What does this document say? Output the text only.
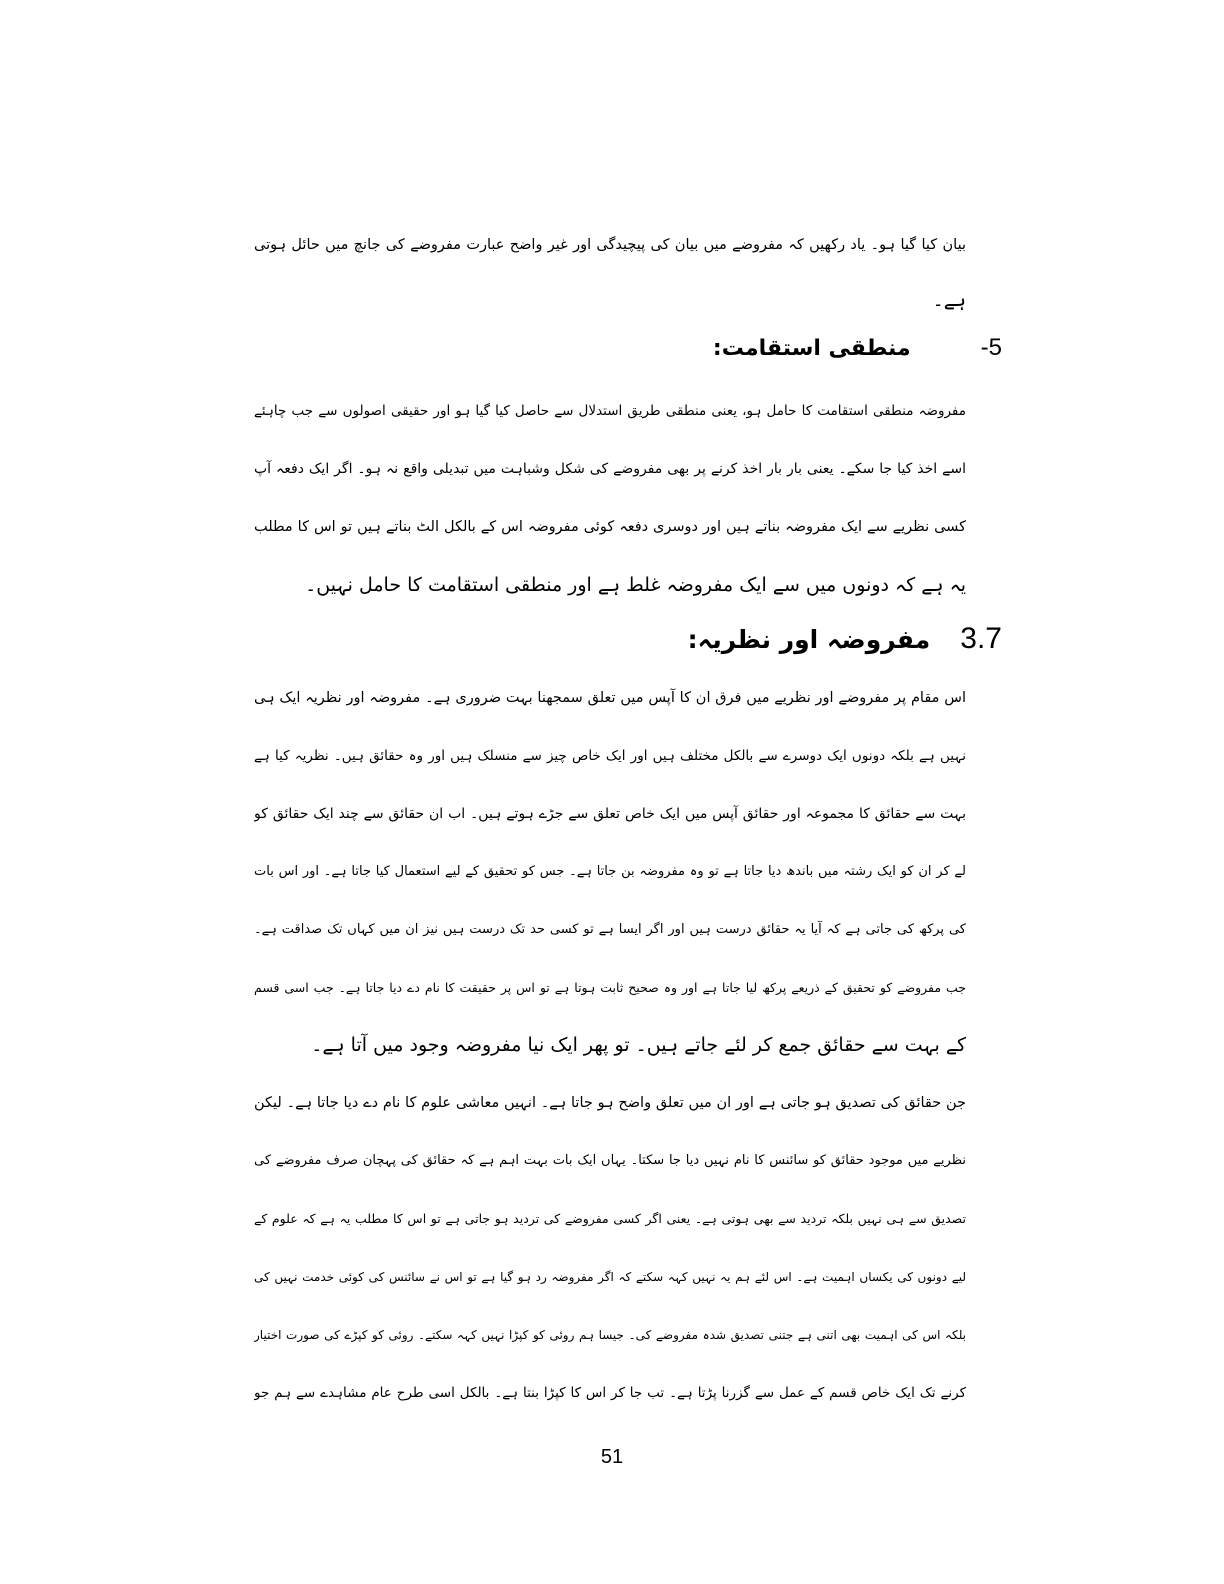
بیان کیا گیا ہو۔ یاد رکھیں کہ مفروضے میں بیان کی پیچیدگی اور غیر واضح عبارت مفروضے کی جانچ میں حائل ہوتی
ہے۔
-5
منطقی استقامت:
مفروضہ منطقی استقامت کا حامل ہو، یعنی منطقی طریق استدلال سے حاصل کیا گیا ہو اور حقیقی اصولوں سے جب چاہئے
اسے اخذ کیا جا سکے۔ یعنی بار بار اخذ کرنے پر بھی مفروضے کی شکل وشباہت میں تبدیلی واقع نہ ہو۔ اگر ایک دفعہ آپ
کسی نظریے سے ایک مفروضہ بناتے ہیں اور دوسری دفعہ کوئی مفروضہ اس کے بالکل الٹ بناتے ہیں تو اس کا مطلب
یہ ہے کہ دونوں میں سے ایک مفروضہ غلط ہے اور منطقی استقامت کا حامل نہیں۔
3.7
مفروضہ اور نظریہ:
اس مقام پر مفروضے اور نظریے میں فرق ان کا آپس میں تعلق سمجھنا بہت ضروری ہے۔ مفروضہ اور نظریہ ایک ہی
نہیں ہے بلکہ دونوں ایک دوسرے سے بالکل مختلف ہیں اور ایک خاص چیز سے منسلک ہیں اور وہ حقائق ہیں۔ نظریہ کیا ہے
بہت سے حقائق کا مجموعہ اور حقائق آپس میں ایک خاص تعلق سے جڑے ہوتے ہیں۔ اب ان حقائق سے چند ایک حقائق کو
لے کر ان کو ایک رشتہ میں باندھ دیا جاتا ہے تو وہ مفروضہ بن جاتا ہے۔ جس کو تحقیق کے لیے استعمال کیا جاتا ہے۔ اور اس بات
کی پرکھ کی جاتی ہے کہ آیا یہ حقائق درست ہیں اور اگر ایسا ہے تو کسی حد تک درست ہیں نیز ان میں کہاں تک صداقت ہے۔
جب مفروضے کو تحقیق کے ذریعے پرکھ لیا جاتا ہے اور وہ صحیح ثابت ہوتا ہے تو اس پر حقیقت کا نام دے دیا جاتا ہے۔ جب اسی قسم
کے بہت سے حقائق جمع کر لئے جاتے ہیں۔ تو پھر ایک نیا مفروضہ وجود میں آتا ہے۔
جن حقائق کی تصدیق ہو جاتی ہے اور ان میں تعلق واضح ہو جاتا ہے۔ انہیں معاشی علوم کا نام دے دیا جاتا ہے۔ لیکن
نظریے میں موجود حقائق کو سائنس کا نام نہیں دیا جا سکتا۔ یہاں ایک بات بہت اہم ہے کہ حقائق کی پہچان صرف مفروضے کی
تصدیق سے ہی نہیں بلکہ تردید سے بھی ہوتی ہے۔ یعنی اگر کسی مفروضے کی تردید ہو جاتی ہے تو اس کا مطلب یہ ہے کہ علوم کے
لیے دونوں کی یکساں اہمیت ہے۔ اس لئے ہم یہ نہیں کہہ سکتے کہ اگر مفروضہ رد ہو گیا ہے تو اس نے سائنس کی کوئی خدمت نہیں کی
بلکہ اس کی اہمیت بھی اتنی ہے جتنی تصدیق شدہ مفروضے کی۔ جیسا ہم روئی کو کپڑا نہیں کہہ سکتے۔ روئی کو کپڑے کی صورت اختیار
کرنے تک ایک خاص قسم کے عمل سے گزرنا پڑتا ہے۔ تب جا کر اس کا کپڑا بنتا ہے۔ بالکل اسی طرح عام مشاہدے سے ہم جو
51
